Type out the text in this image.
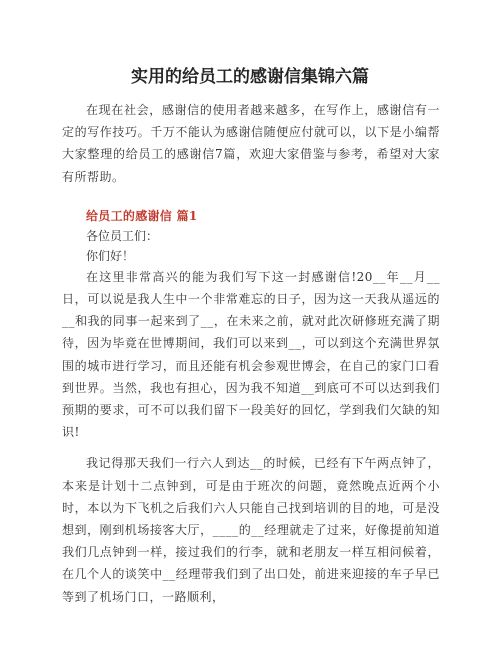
实用的给员工的感谢信集锦六篇

在现在社会，感谢信的使用者越来越多，在写作上，感谢信有一定的写作技巧。千万不能认为感谢信随便应付就可以，以下是小编帮大家整理的给员工的感谢信7篇，欢迎大家借鉴与参考，希望对大家有所帮助。

给员工的感谢信 篇1

各位员工们：

你们好！

在这里非常高兴的能为我们写下这一封感谢信!20__年__月__日，可以说是我人生中一个非常难忘的日子，因为这一天我从遥远的__和我的同事一起来到了__，在未来之前，就对此次研修班充满了期待，因为毕竟在世博期间，我们可以来到__，可以到这个充满世界氛围的城市进行学习，而且还能有机会参观世博会，在自己的家门口看到世界。当然，我也有担心，因为我不知道__到底可不可以达到我们预期的要求，可不可以我们留下一段美好的回忆，学到我们欠缺的知识!

我记得那天我们一行六人到达__的时候，已经有下午两点钟了，本来是计划十二点钟到，可是由于班次的问题，竟然晚点近两个小时，本以为下飞机之后我们六人只能自己找到培训的目的地，可是没想到，刚到机场接客大厅，____的__经理就走了过来，好像提前知道我们几点钟到一样，接过我们的行李，就和老朋友一样互相问候着，在几个人的谈笑中__经理带我们到了出口处，前进来迎接的车子早已等到了机场门口，一路顺利，
